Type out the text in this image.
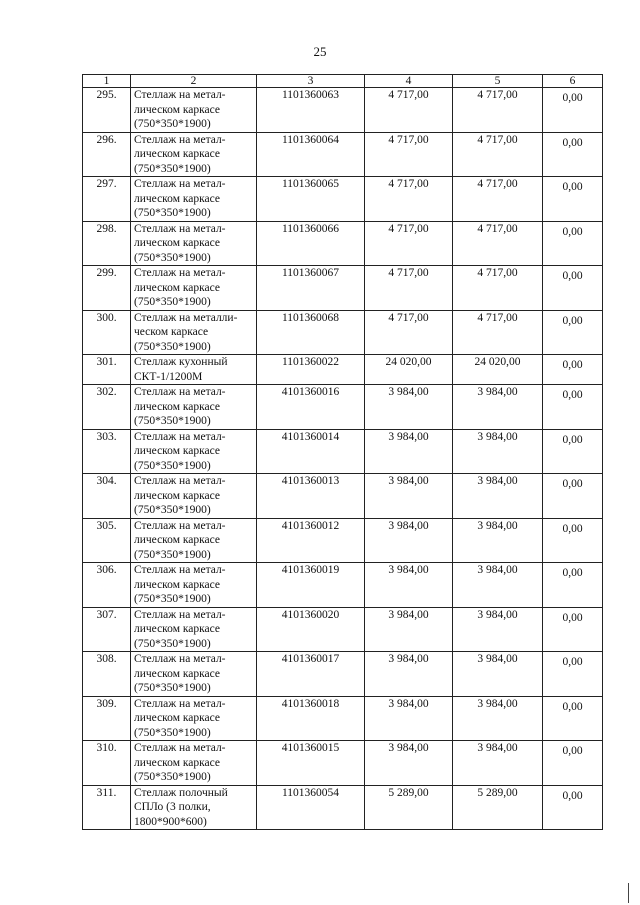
25
1	2	3	4	5	6
295.	Стеллаж на метал-
лическом каркасе
(750*350*1900)	1101360063	4 717,00	4 717,00	0,00
296.	Стеллаж на метал-
лическом каркасе
(750*350*1900)	1101360064	4 717,00	4 717,00	0,00
297.	Стеллаж на метал-
лическом каркасе
(750*350*1900)	1101360065	4 717,00	4 717,00	0,00
298.	Стеллаж на метал-
лическом каркасе
(750*350*1900)	1101360066	4 717,00	4 717,00	0,00
299.	Стеллаж на метал-
лическом каркасе
(750*350*1900)	1101360067	4 717,00	4 717,00	0,00
300.	Стеллаж на металли-
ческом каркасе
(750*350*1900)	1101360068	4 717,00	4 717,00	0,00
301.	Стеллаж кухонный
СКТ-1/1200М	1101360022	24 020,00	24 020,00	0,00
302.	Стеллаж на метал-
лическом каркасе
(750*350*1900)	4101360016	3 984,00	3 984,00	0,00
303.	Стеллаж на метал-
лическом каркасе
(750*350*1900)	4101360014	3 984,00	3 984,00	0,00
304.	Стеллаж на метал-
лическом каркасе
(750*350*1900)	4101360013	3 984,00	3 984,00	0,00
305.	Стеллаж на метал-
лическом каркасе
(750*350*1900)	4101360012	3 984,00	3 984,00	0,00
306.	Стеллаж на метал-
лическом каркасе
(750*350*1900)	4101360019	3 984,00	3 984,00	0,00
307.	Стеллаж на метал-
лическом каркасе
(750*350*1900)	4101360020	3 984,00	3 984,00	0,00
308.	Стеллаж на метал-
лическом каркасе
(750*350*1900)	4101360017	3 984,00	3 984,00	0,00
309.	Стеллаж на метал-
лическом каркасе
(750*350*1900)	4101360018	3 984,00	3 984,00	0,00
310.	Стеллаж на метал-
лическом каркасе
(750*350*1900)	4101360015	3 984,00	3 984,00	0,00
311.	Стеллаж полочный
СПЛо (3 полки,
1800*900*600)	1101360054	5 289,00	5 289,00	0,00
